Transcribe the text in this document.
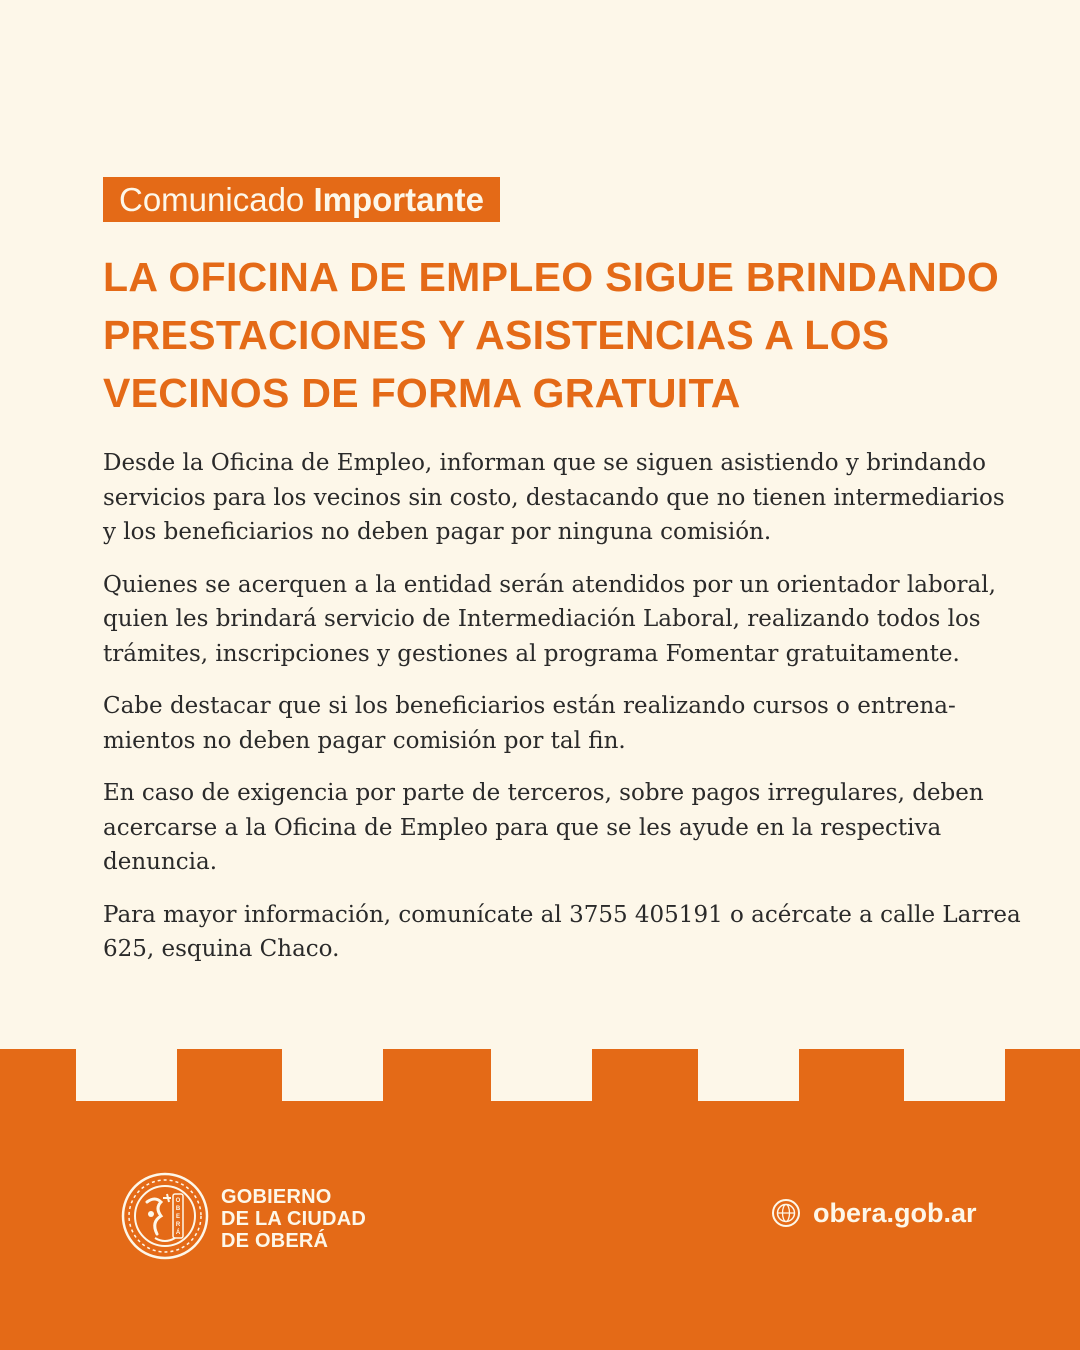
Comunicado Importante
LA OFICINA DE EMPLEO SIGUE BRINDANDO PRESTACIONES Y ASISTENCIAS A LOS VECINOS DE FORMA GRATUITA

Desde la Oficina de Empleo, informan que se siguen asistiendo y brindando servicios para los vecinos sin costo, destacando que no tienen intermediarios y los beneficiarios no deben pagar por ninguna comisión.

Quienes se acerquen a la entidad serán atendidos por un orientador laboral, quien les brindará servicio de Intermediación Laboral, realizando todos los trámites, inscripciones y gestiones al programa Fomentar gratuitamente.

Cabe destacar que si los beneficiarios están realizando cursos o entrenamientos no deben pagar comisión por tal fin.

En caso de exigencia por parte de terceros, sobre pagos irregulares, deben acercarse a la Oficina de Empleo para que se les ayude en la respectiva denuncia.

Para mayor información, comunícate al 3755 405191 o acércate a calle Larrea 625, esquina Chaco.

O
B
E
R
Á
GOBIERNO
DE LA CIUDAD
DE OBERÁ
obera.gob.ar
